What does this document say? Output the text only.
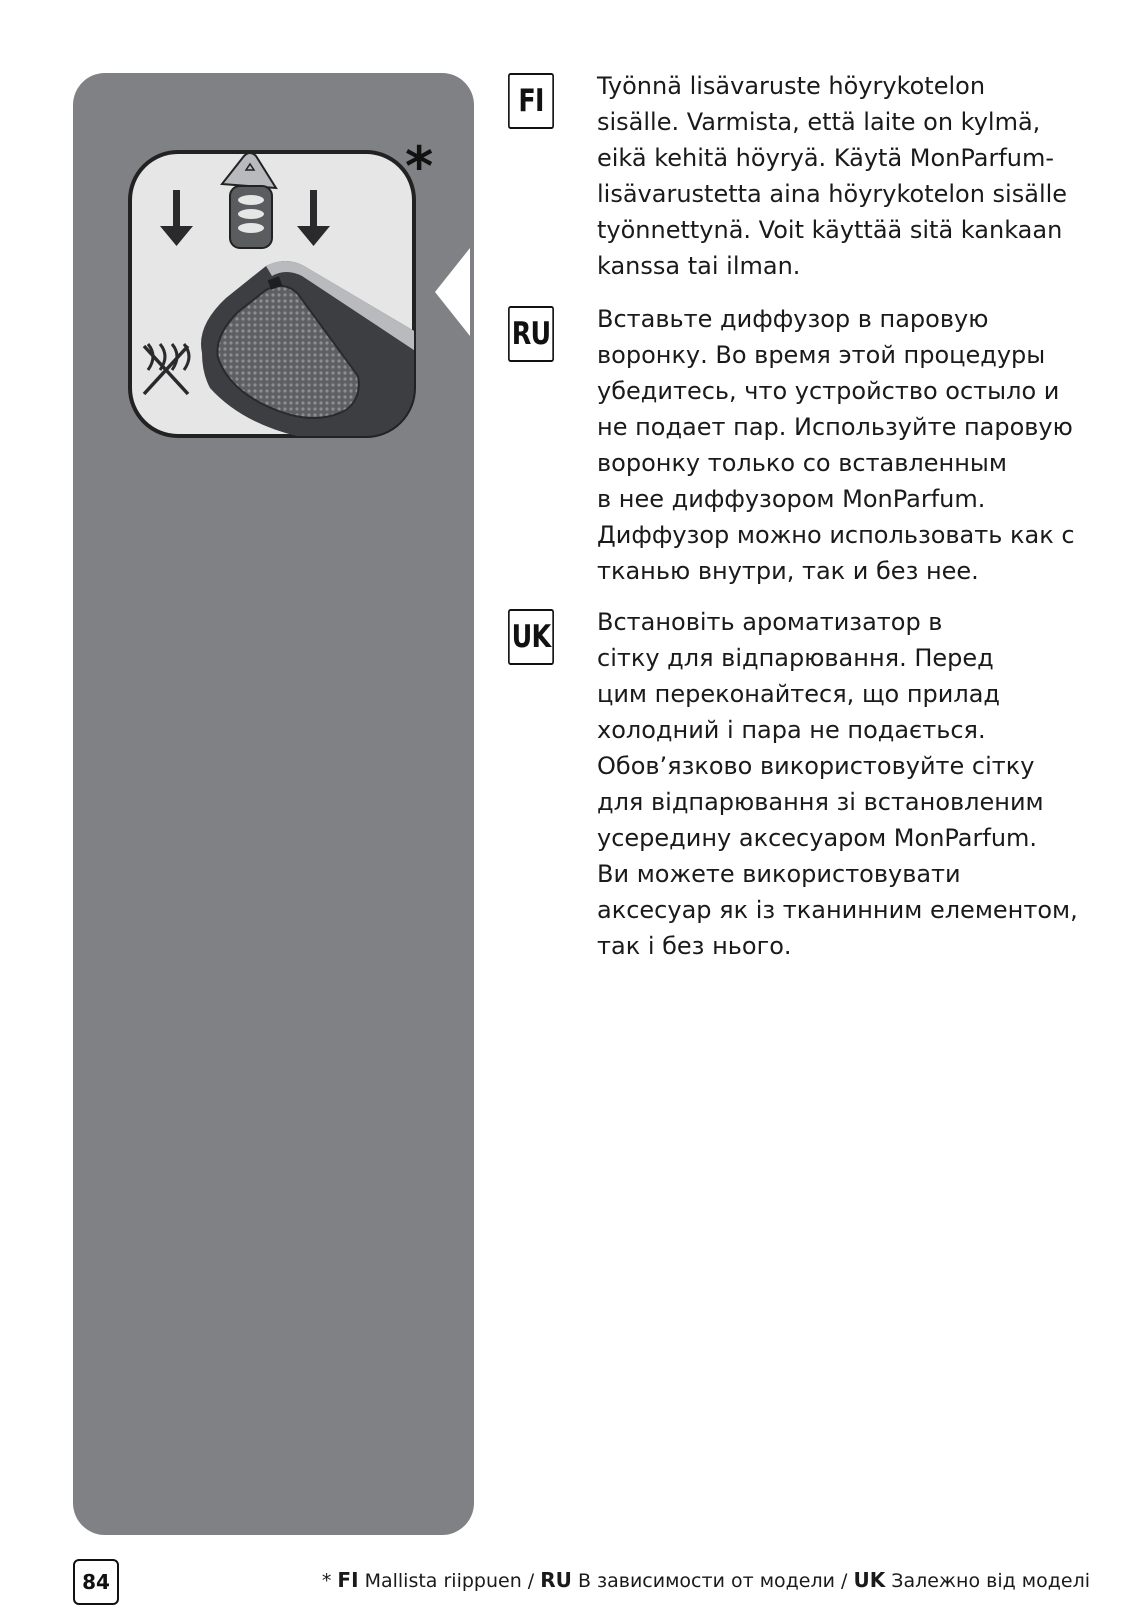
*
FI	Työnnä lisävaruste höyrykotelon
sisälle. Varmista, että laite on kylmä,
eikä kehitä höyryä. Käytä MonParfum-
lisävarustetta aina höyrykotelon sisälle
työnnettynä. Voit käyttää sitä kankaan
kanssa tai ilman.
RU Вставьте диффузор в паровую
воронку. Во время этой процедуры
убедитесь, что устройство остыло и
не подает пар. Используйте паровую
воронку только со вставленным
в нее диффузором MonParfum.
Диффузор можно использовать как с
тканью внутри, так и без нее.
UK Встановіть ароматизатор в
сітку для відпарювання. Перед
цим переконайтеся, що прилад
холодний і пара не подається.
Обов’язково використовуйте сітку
для відпарювання зі встановленим
усередину аксесуаром MonParfum.
Ви можете використовувати
аксесуар як із тканинним елементом,
так і без нього.
84	* FI Mallista riippuen / RU В зависимости от модели / UK Залежно від моделі
